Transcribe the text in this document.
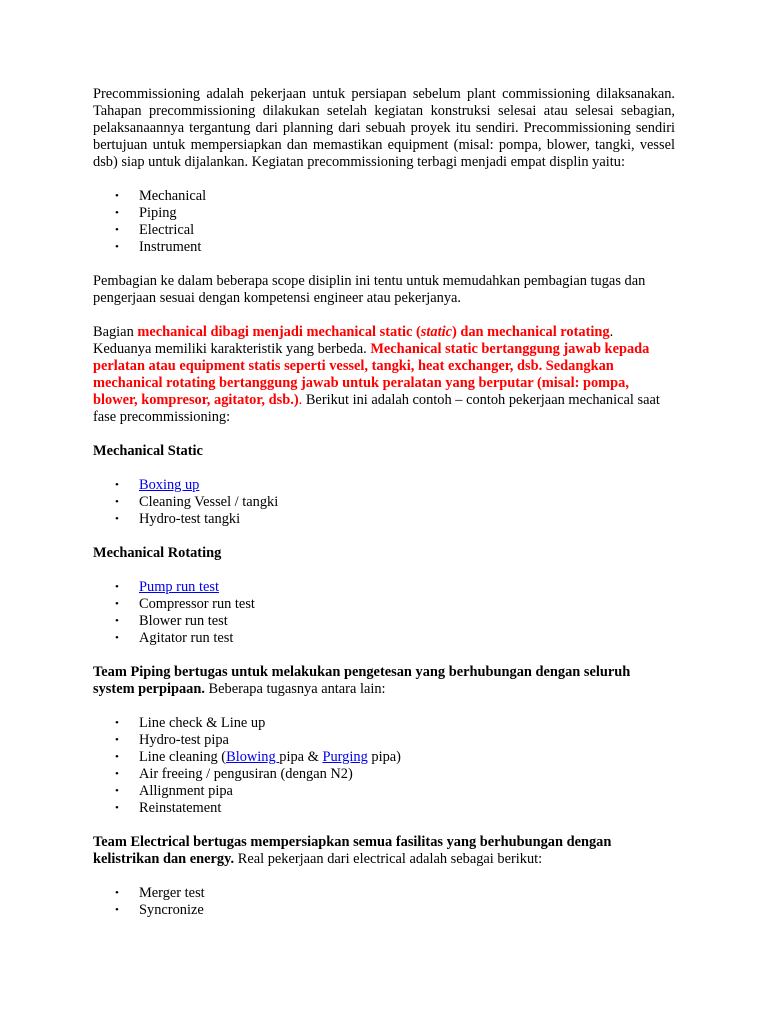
Precommissioning adalah pekerjaan untuk persiapan sebelum plant commissioning dilaksanakan. Tahapan precommissioning dilakukan setelah kegiatan konstruksi selesai atau selesai sebagian, pelaksanaannya tergantung dari planning dari sebuah proyek itu sendiri. Precommissioning sendiri bertujuan untuk mempersiapkan dan memastikan equipment (misal: pompa, blower, tangki, vessel dsb) siap untuk dijalankan. Kegiatan precommissioning terbagi menjadi empat displin yaitu:

• Mechanical
• Piping
• Electrical
• Instrument

Pembagian ke dalam beberapa scope disiplin ini tentu untuk memudahkan pembagian tugas dan pengerjaan sesuai dengan kompetensi engineer atau pekerjanya.

Bagian mechanical dibagi menjadi mechanical static (static) dan mechanical rotating. Keduanya memiliki karakteristik yang berbeda. Mechanical static bertanggung jawab kepada perlatan atau equipment statis seperti vessel, tangki, heat exchanger, dsb. Sedangkan mechanical rotating bertanggung jawab untuk peralatan yang berputar (misal: pompa, blower, kompresor, agitator, dsb.). Berikut ini adalah contoh – contoh pekerjaan mechanical saat fase precommissioning:

Mechanical Static

• Boxing up
• Cleaning Vessel / tangki
• Hydro-test tangki

Mechanical Rotating

• Pump run test
• Compressor run test
• Blower run test
• Agitator run test

Team Piping bertugas untuk melakukan pengetesan yang berhubungan dengan seluruh system perpipaan. Beberapa tugasnya antara lain:

• Line check & Line up
• Hydro-test pipa
• Line cleaning (Blowing pipa & Purging pipa)
• Air freeing / pengusiran (dengan N2)
• Allignment pipa
• Reinstatement

Team Electrical bertugas mempersiapkan semua fasilitas yang berhubungan dengan kelistrikan dan energy. Real pekerjaan dari electrical adalah sebagai berikut:

• Merger test
• Syncronize
